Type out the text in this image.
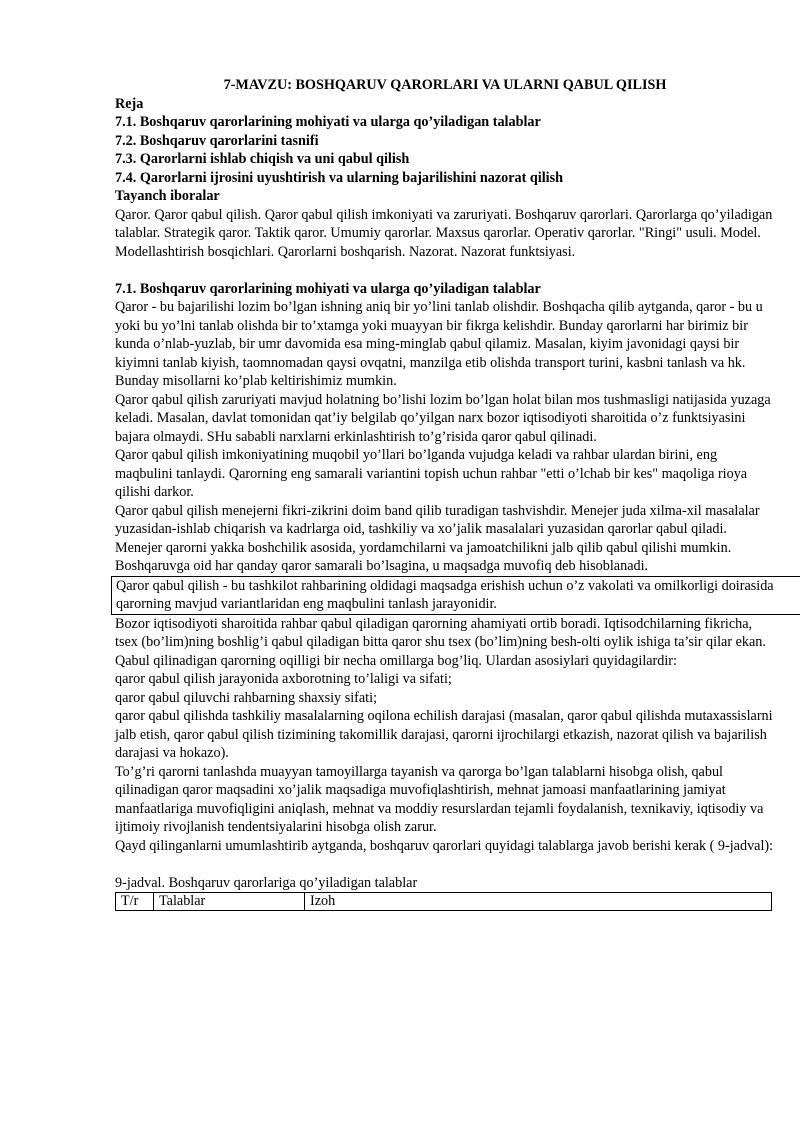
7-MAVZU: BOSHQARUV QARORLARI VA ULARNI QABUL QILISH

Reja

7.1. Boshqaruv qarorlarining mohiyati va ularga qo’yiladigan talablar

7.2. Boshqaruv qarorlarini tasnifi

7.3. Qarorlarni ishlab chiqish va uni qabul qilish

7.4. Qarorlarni ijrosini uyushtirish va ularning bajarilishini nazorat qilish

Tayanch iboralar

Qaror. Qaror qabul qilish. Qaror qabul qilish imkoniyati va zaruriyati. Boshqaruv qarorlari. Qarorlarga qo’yiladigan talablar. Strategik qaror. Taktik qaror. Umumiy qarorlar. Maxsus qarorlar. Operativ qarorlar. "Ringi" usuli. Model. Modellashtirish bosqichlari. Qarorlarni boshqarish. Nazorat. Nazorat funktsiyasi.

7.1. Boshqaruv qarorlarining mohiyati va ularga qo’yiladigan talablar

Qaror - bu bajarilishi lozim bo’lgan ishning aniq bir yo’lini tanlab olishdir. Boshqacha qilib aytganda, qaror - bu u yoki bu yo’lni tanlab olishda bir to’xtamga yoki muayyan bir fikrga kelishdir. Bunday qarorlarni har birimiz bir kunda o’nlab-yuzlab, bir umr davomida esa ming-minglab qabul qilamiz. Masalan, kiyim javonidagi qaysi bir kiyimni tanlab kiyish, taomnomadan qaysi ovqatni, manzilga etib olishda transport turini, kasbni tanlash va hk. Bunday misollarni ko’plab keltirishimiz mumkin.

Qaror qabul qilish zaruriyati mavjud holatning bo’lishi lozim bo’lgan holat bilan mos tushmasligi natijasida yuzaga keladi. Masalan, davlat tomonidan qat’iy belgilab qo’yilgan narx bozor iqtisodiyoti sharoitida o’z funktsiyasini bajara olmaydi. SHu sababli narxlarni erkinlashtirish to’g’risida qaror qabul qilinadi.

Qaror qabul qilish imkoniyatining muqobil yo’llari bo’lganda vujudga keladi va rahbar ulardan birini, eng maqbulini tanlaydi. Qarorning eng samarali variantini topish uchun rahbar "etti o’lchab bir kes" maqoliga rioya qilishi darkor.

Qaror qabul qilish menejerni fikri-zikrini doim band qilib turadigan tashvishdir. Menejer juda xilma-xil masalalar yuzasidan-ishlab chiqarish va kadrlarga oid, tashkiliy va xo’jalik masalalari yuzasidan qarorlar qabul qiladi. Menejer qarorni yakka boshchilik asosida, yordamchilarni va jamoatchilikni jalb qilib qabul qilishi mumkin. Boshqaruvga oid har qanday qaror samarali bo’lsagina, u maqsadga muvofiq deb hisoblanadi.

Qaror qabul qilish - bu tashkilot rahbarining oldidagi maqsadga erishish uchun o’z vakolati va omilkorligi doirasida qarorning mavjud variantlaridan eng maqbulini tanlash jarayonidir.

Bozor iqtisodiyoti sharoitida rahbar qabul qiladigan qarorning ahamiyati ortib boradi. Iqtisodchilarning fikricha, tsex (bo’lim)ning boshlig’i qabul qiladigan bitta qaror shu tsex (bo’lim)ning besh-olti oylik ishiga ta’sir qilar ekan. Qabul qilinadigan qarorning oqilligi bir necha omillarga bog’liq. Ulardan asosiylari quyidagilardir:

qaror qabul qilish jarayonida axborotning to’laligi va sifati;

qaror qabul qiluvchi rahbarning shaxsiy sifati;

qaror qabul qilishda tashkiliy masalalarning oqilona echilish darajasi (masalan, qaror qabul qilishda mutaxassislarni jalb etish, qaror qabul qilish tizimining takomillik darajasi, qarorni ijrochilargi etkazish, nazorat qilish va bajarilish darajasi va hokazo).

To’g’ri qarorni tanlashda muayyan tamoyillarga tayanish va qarorga bo’lgan talablarni hisobga olish, qabul qilinadigan qaror maqsadini xo’jalik maqsadiga muvofiqlashtirish, mehnat jamoasi manfaatlarining jamiyat manfaatlariga muvofiqligini aniqlash, mehnat va moddiy resurslardan tejamli foydalanish, texnikaviy, iqtisodiy va ijtimoiy rivojlanish tendentsiyalarini hisobga olish zarur.

Qayd qilinganlarni umumlashtirib aytganda, boshqaruv qarorlari quyidagi talablarga javob berishi kerak ( 9-jadval):

9-jadval. Boshqaruv qarorlariga qo’yiladigan talablar

T/r	Talablar	Izoh
